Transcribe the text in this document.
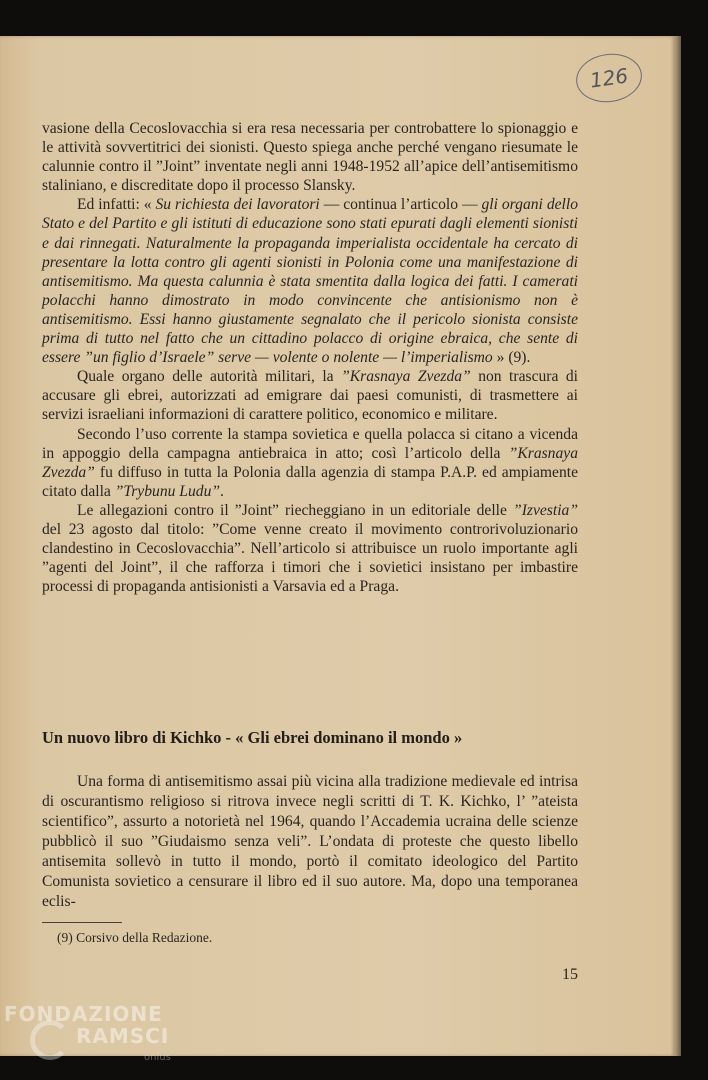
126

vasione della Cecoslovacchia si era resa necessaria per controbattere lo spionaggio e le attività sovvertitrici dei sionisti. Questo spiega anche perché vengano riesumate le calunnie contro il ”Joint” inventate negli anni 1948-1952 all’apice dell’antisemitismo staliniano, e discreditate dopo il processo Slansky.

Ed infatti: « Su richiesta dei lavoratori — continua l’articolo — gli organi dello Stato e del Partito e gli istituti di educazione sono stati epurati dagli elementi sionisti e dai rinnegati. Naturalmente la propaganda imperialista occidentale ha cercato di presentare la lotta contro gli agenti sionisti in Polonia come una manifestazione di antisemitismo. Ma questa calunnia è stata smentita dalla logica dei fatti. I camerati polacchi hanno dimostrato in modo convincente che antisionismo non è antisemitismo. Essi hanno giustamente segnalato che il pericolo sionista consiste prima di tutto nel fatto che un cittadino polacco di origine ebraica, che sente di essere ”un figlio d’Israele” serve — volente o nolente — l’imperialismo » (9).

Quale organo delle autorità militari, la ”Krasnaya Zvezda” non trascura di accusare gli ebrei, autorizzati ad emigrare dai paesi comunisti, di trasmettere ai servizi israeliani informazioni di carattere politico, economico e militare.

Secondo l’uso corrente la stampa sovietica e quella polacca si citano a vicenda in appoggio della campagna antiebraica in atto; così l’articolo della ”Krasnaya Zvezda” fu diffuso in tutta la Polonia dalla agenzia di stampa P.A.P. ed ampiamente citato dalla ”Trybunu Ludu”.

Le allegazioni contro il ”Joint” riecheggiano in un editoriale delle ”Izvestia” del 23 agosto dal titolo: ”Come venne creato il movimento controrivoluzionario clandestino in Cecoslovacchia”. Nell’articolo si attribuisce un ruolo importante agli ”agenti del Joint”, il che rafforza i timori che i sovietici insistano per imbastire processi di propaganda antisionisti a Varsavia ed a Praga.

Un nuovo libro di Kichko - « Gli ebrei dominano il mondo »

Una forma di antisemitismo assai più vicina alla tradizione medievale ed intrisa di oscurantismo religioso si ritrova invece negli scritti di T. K. Kichko, l’ ”ateista scientifico”, assurto a notorietà nel 1964, quando l’Accademia ucraina delle scienze pubblicò il suo ”Giudaismo senza veli”. L’ondata di proteste che questo libello antisemita sollevò in tutto il mondo, portò il comitato ideologico del Partito Comunista sovietico a censurare il libro ed il suo autore. Ma, dopo una temporanea eclis-

(9) Corsivo della Redazione.
15
FONDAZIONE
RAMSCI
onlus
